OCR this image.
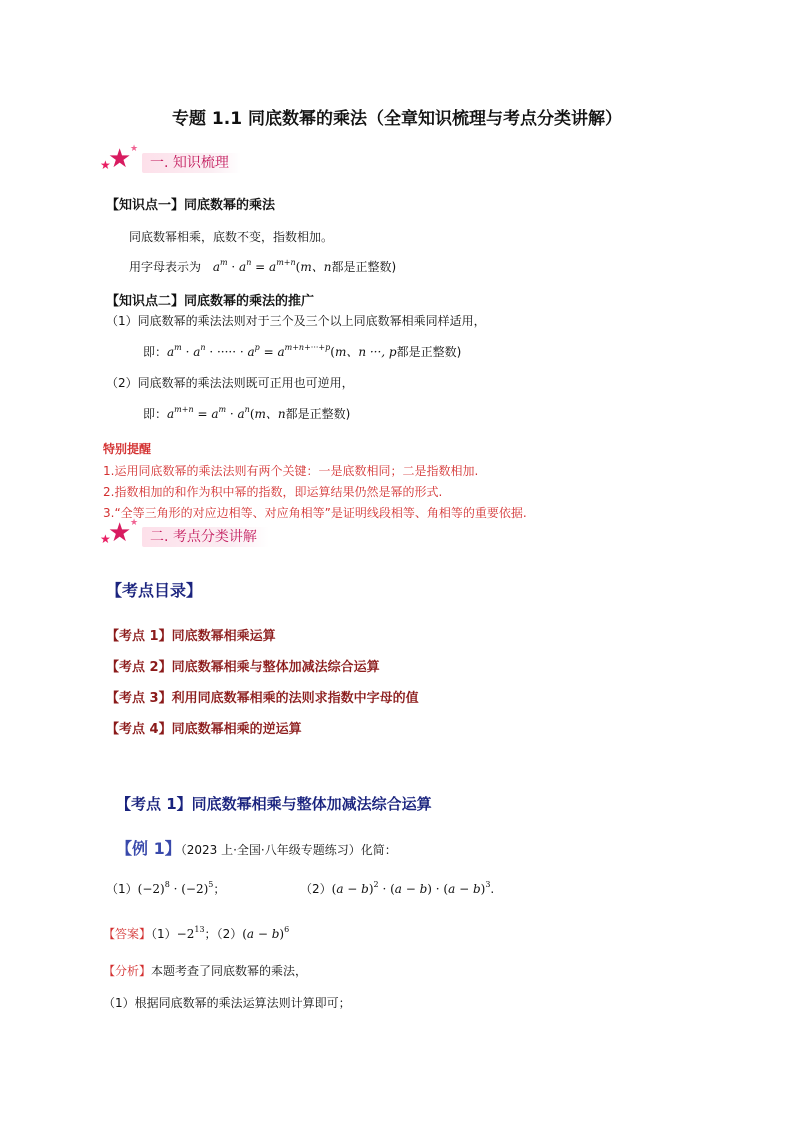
专题 1.1 同底数幂的乘法（全章知识梳理与考点分类讲解）
★
★
★
一. 知识梳理
【知识点一】同底数幂的乘法
同底数幂相乘，底数不变，指数相加。
用字母表示为 $a^m \cdot a^n = a^{m+n}(m$、n都是正整数)
【知识点二】同底数幂的乘法的推广
（1）同底数幂的乘法法则对于三个及三个以上同底数幂相乘同样适用，
即：$a^m \cdot a^n$ · ····· · $a^p = a^{m+n+\cdot\cdot\cdot+p}(m$、n ···, p都是正整数)
（2）同底数幂的乘法法则既可正用也可逆用，
即：$a^{m+n} = a^m \cdot a^n(m$、n都是正整数)
特别提醒
1.运用同底数幂的乘法法则有两个关键：一是底数相同；二是指数相加.
2.指数相加的和作为积中幂的指数，即运算结果仍然是幂的形式.
3.“全等三角形的对应边相等、对应角相等”是证明线段相等、角相等的重要依据.
★
★
★
二. 考点分类讲解
【考点目录】
【考点 1】同底数幂相乘运算
【考点 2】同底数幂相乘与整体加减法综合运算
【考点 3】利用同底数幂相乘的法则求指数中字母的值
【考点 4】同底数幂相乘的逆运算
【考点 1】同底数幂相乘与整体加减法综合运算
【例 1】（2023 上·全国·八年级专题练习）化简：
$(1)(-2)^8 \cdot (-2)^5$；	$(2)(a - b)^2 \cdot (a - b) \cdot (a - b)^3$.
【答案】$(1)-2^{13}$；$(2)(a - b)^6$
【分析】本题考查了同底数幂的乘法，
（1）根据同底数幂的乘法运算法则计算即可；
